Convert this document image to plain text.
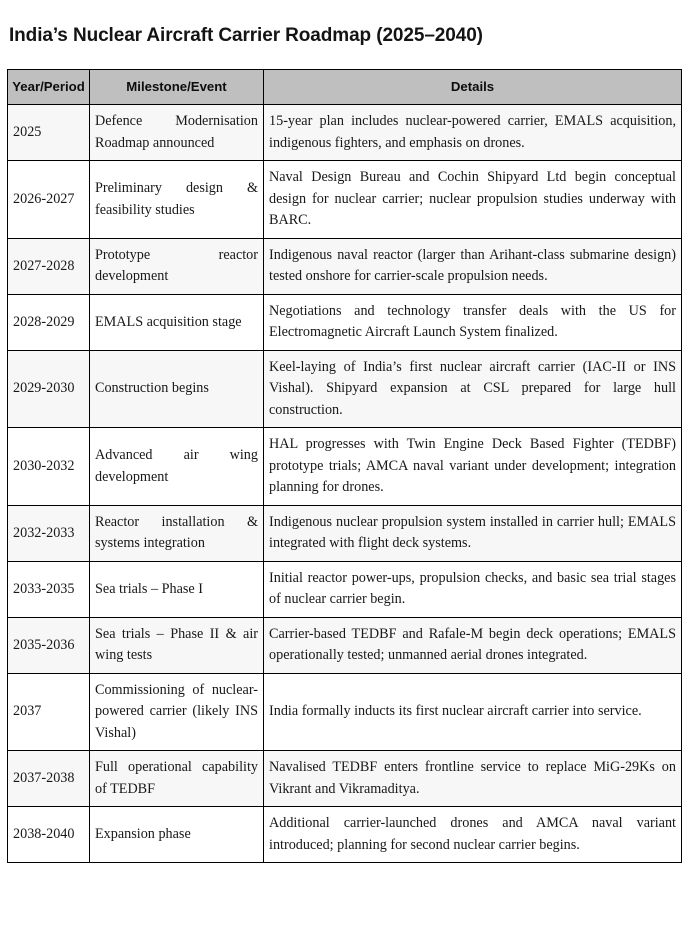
India’s Nuclear Aircraft Carrier Roadmap (2025–2040)
Year/Period	Milestone/Event	Details
2025	Defence Modernisation Roadmap announced	15-year plan includes nuclear-powered carrier, EMALS acquisition, indigenous fighters, and emphasis on drones.
2026-2027	Preliminary design & feasibility studies	Naval Design Bureau and Cochin Shipyard Ltd begin conceptual design for nuclear carrier; nuclear propulsion studies underway with BARC.
2027-2028	Prototype reactor development	Indigenous naval reactor (larger than Arihant-class submarine design) tested onshore for carrier-scale propulsion needs.
2028-2029	EMALS acquisition stage	Negotiations and technology transfer deals with the US for Electromagnetic Aircraft Launch System finalized.
2029-2030	Construction begins	Keel-laying of India’s first nuclear aircraft carrier (IAC-II or INS Vishal). Shipyard expansion at CSL prepared for large hull construction.
2030-2032	Advanced air wing development	HAL progresses with Twin Engine Deck Based Fighter (TEDBF) prototype trials; AMCA naval variant under development; integration planning for drones.
2032-2033	Reactor installation & systems integration	Indigenous nuclear propulsion system installed in carrier hull; EMALS integrated with flight deck systems.
2033-2035	Sea trials – Phase I	Initial reactor power-ups, propulsion checks, and basic sea trial stages of nuclear carrier begin.
2035-2036	Sea trials – Phase II & air wing tests	Carrier-based TEDBF and Rafale-M begin deck operations; EMALS operationally tested; unmanned aerial drones integrated.
2037	Commissioning of nuclear-powered carrier (likely INS Vishal)	India formally inducts its first nuclear aircraft carrier into service.
2037-2038	Full operational capability of TEDBF	Navalised TEDBF enters frontline service to replace MiG-29Ks on Vikrant and Vikramaditya.
2038-2040	Expansion phase	Additional carrier-launched drones and AMCA naval variant introduced; planning for second nuclear carrier begins.
